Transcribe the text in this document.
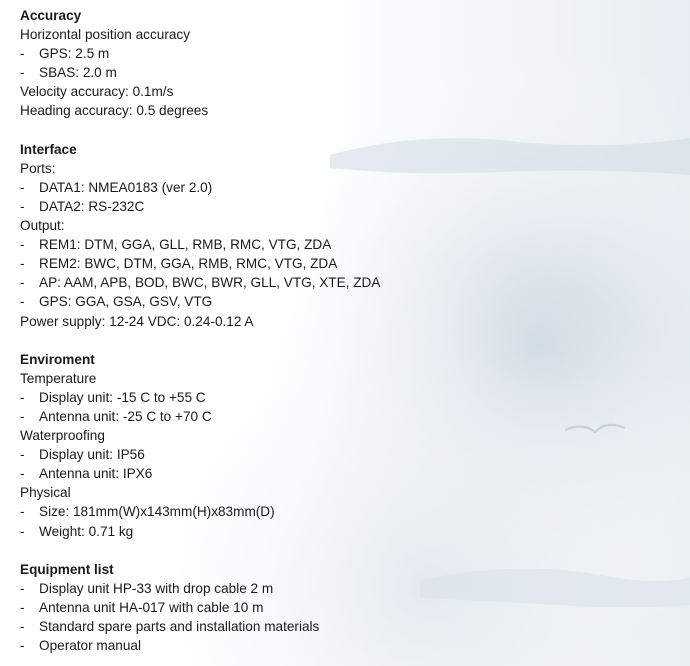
Accuracy
Horizontal position accuracy
- GPS: 2.5 m
- SBAS: 2.0 m
Velocity accuracy: 0.1m/s
Heading accuracy: 0.5 degrees
Interface
Ports:
- DATA1: NMEA0183 (ver 2.0)
- DATA2: RS-232C
Output:
- REM1: DTM, GGA, GLL, RMB, RMC, VTG, ZDA
- REM2: BWC, DTM, GGA, RMB, RMC, VTG, ZDA
- AP: AAM, APB, BOD, BWC, BWR, GLL, VTG, XTE, ZDA
- GPS: GGA, GSA, GSV, VTG
Power supply: 12-24 VDC: 0.24-0.12 A
Enviroment
Temperature
- Display unit: -15 C to +55 C
- Antenna unit: -25 C to +70 C
Waterproofing
- Display unit: IP56
- Antenna unit: IPX6
Physical
- Size: 181mm(W)x143mm(H)x83mm(D)
- Weight: 0.71 kg
Equipment list
- Display unit HP-33 with drop cable 2 m
- Antenna unit HA-017 with cable 10 m
- Standard spare parts and installation materials
- Operator manual
